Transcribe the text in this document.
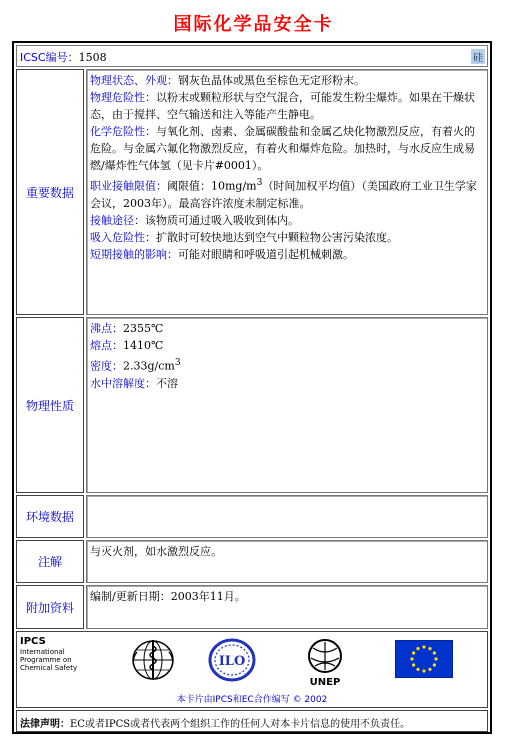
国际化学品安全卡
ICSC编号：1508	硅
重要数据

物理状态、外观：钢灰色晶体或黑色至棕色无定形粉末。

物理危险性：以粉末或颗粒形状与空气混合，可能发生粉尘爆炸。如果在干燥状态，由于搅拌、空气输送和注入等能产生静电。

化学危险性：与氧化剂、卤素、金属碳酸盐和金属乙炔化物激烈反应，有着火的危险。与金属六氟化物激烈反应，有着火和爆炸危险。加热时，与水反应生成易燃/爆炸性气体氢（见卡片#0001）。

职业接触限值：阈限值：$10mg/m^3$（时间加权平均值）（美国政府工业卫生学家会议，2003年）。最高容许浓度未制定标准。

接触途径：该物质可通过吸入吸收到体内。

吸入危险性：扩散时可较快地达到空气中颗粒物公害污染浓度。

短期接触的影响：可能对眼睛和呼吸道引起机械刺激。

物理性质

沸点：2355℃

熔点：1410℃

密度：$2.33g/cm^3$

水中溶解度：不溶

环境数据

注解

与灭火剂，如水激烈反应。

附加资料

编制/更新日期：2003年11月。

IPCS
International
Programme on
Chemical Safety	ILO
UNEP
本卡片由IPCS和EC合作编写 © 2002
法律声明：EC或者IPCS或者代表两个组织工作的任何人对本卡片信息的使用不负责任。
